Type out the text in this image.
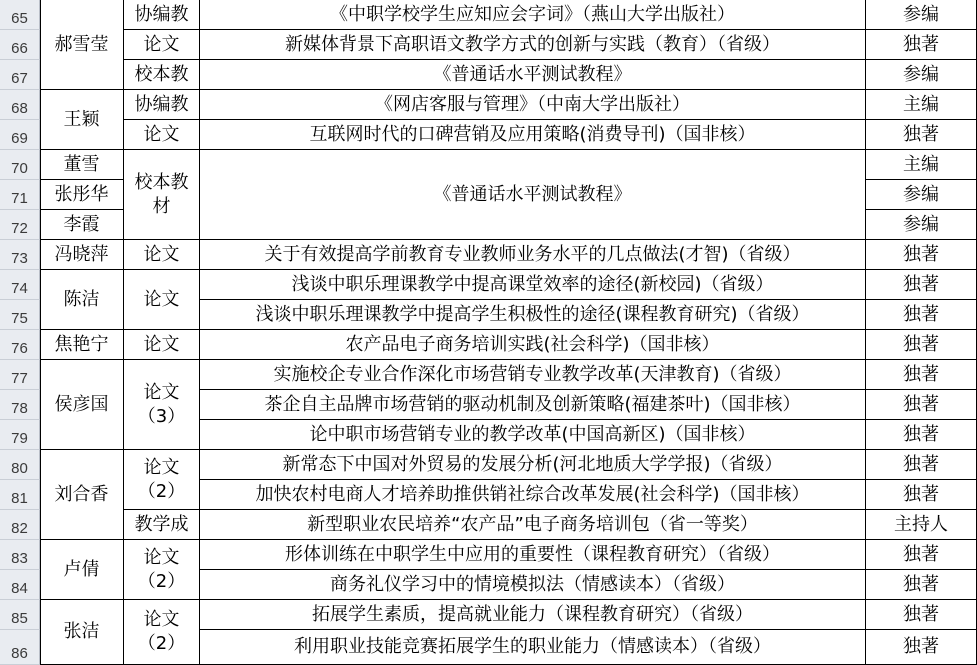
65
66
67
68
69
70
71
72
73
74
75
76
77
78
79
80
81
82
83
84
85
86
郝雪莹
王颖
董雪
张彤华
李霞
冯晓萍
陈洁
焦艳宁
侯彦国
刘合香
卢倩
张洁
协编教
论文
校本教
协编教
论文
校本教材
论文
论文
论文
论文（3）
论文（2）
教学成
论文（2）
论文（2）
《中职学校学生应知应会字词》（燕山大学出版社）
新媒体背景下高职语文教学方式的创新与实践（教育）（省级）
《普通话水平测试教程》
《网店客服与管理》（中南大学出版社）
互联网时代的口碑营销及应用策略(消费导刊)（国非核）
《普通话水平测试教程》
关于有效提高学前教育专业教师业务水平的几点做法(才智)（省级）
浅谈中职乐理课教学中提高课堂效率的途径(新校园)（省级）
浅谈中职乐理课教学中提高学生积极性的途径(课程教育研究)（省级）
农产品电子商务培训实践(社会科学)（国非核）
实施校企专业合作深化市场营销专业教学改革(天津教育)（省级）
茶企自主品牌市场营销的驱动机制及创新策略(福建茶叶)（国非核）
论中职市场营销专业的教学改革(中国高新区)（国非核）
新常态下中国对外贸易的发展分析(河北地质大学学报)（省级）
加快农村电商人才培养助推供销社综合改革发展(社会科学)（国非核）
新型职业农民培养“农产品”电子商务培训包（省一等奖）
形体训练在中职学生中应用的重要性（课程教育研究）（省级）
商务礼仪学习中的情境模拟法（情感读本）（省级）
拓展学生素质，提高就业能力（课程教育研究）（省级）
利用职业技能竞赛拓展学生的职业能力（情感读本）（省级）
参编
独著
参编
主编
独著
主编
参编
参编
独著
独著
独著
独著
独著
独著
独著
独著
独著
主持人
独著
独著
独著
独著
